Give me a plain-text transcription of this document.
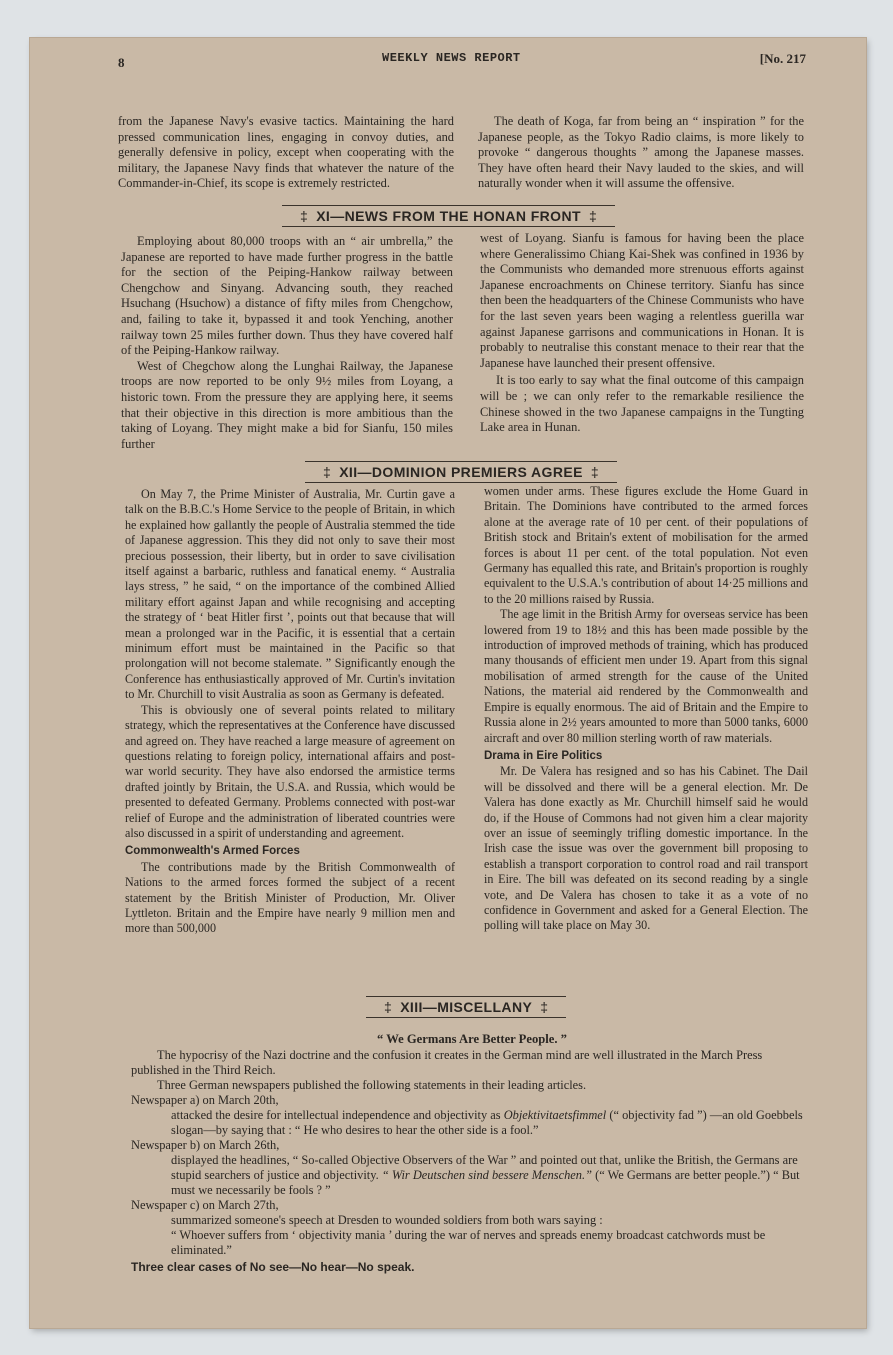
8	WEEKLY NEWS REPORT	[No. 217

from the Japanese Navy's evasive tactics. Maintaining the hard pressed communication lines, engaging in convoy duties, and generally defensive in policy, except when cooperating with the military, the Japanese Navy finds that whatever the nature of the Commander-in-Chief, its scope is extremely restricted.

The death of Koga, far from being an “ inspiration ” for the Japanese people, as the Tokyo Radio claims, is more likely to provoke “ dangerous thoughts ” among the Japanese masses. They have often heard their Navy lauded to the skies, and will naturally wonder when it will assume the offensive.

‡ XI—NEWS FROM THE HONAN FRONT ‡

Employing about 80,000 troops with an “ air umbrella,” the Japanese are reported to have made further progress in the battle for the section of the Peiping-Hankow railway between Chengchow and Sinyang. Advancing south, they reached Hsuchang (Hsuchow) a distance of fifty miles from Chengchow, and, failing to take it, bypassed it and took Yenching, another railway town 25 miles further down. Thus they have covered half of the Peiping-Hankow railway.

West of Chegchow along the Lunghai Railway, the Japanese troops are now reported to be only 9½ miles from Loyang, a historic town. From the pressure they are applying here, it seems that their objective in this direction is more ambitious than the taking of Loyang. They might make a bid for Sianfu, 150 miles further

west of Loyang. Sianfu is famous for having been the place where Generalissimo Chiang Kai-Shek was confined in 1936 by the Communists who demanded more strenuous efforts against Japanese encroachments on Chinese territory. Sianfu has since then been the headquarters of the Chinese Communists who have for the last seven years been waging a relentless guerilla war against Japanese garrisons and communications in Honan. It is probably to neutralise this constant menace to their rear that the Japanese have launched their present offensive.

It is too early to say what the final outcome of this campaign will be ; we can only refer to the remarkable resilience the Chinese showed in the two Japanese campaigns in the Tungting Lake area in Hunan.

‡ XII—DOMINION PREMIERS AGREE ‡

On May 7, the Prime Minister of Australia, Mr. Curtin gave a talk on the B.B.C.'s Home Service to the people of Britain, in which he explained how gallantly the people of Australia stemmed the tide of Japanese aggression. This they did not only to save their most precious possession, their liberty, but in order to save civilisation itself against a barbaric, ruthless and fanatical enemy. “ Australia lays stress, ” he said, “ on the importance of the combined Allied military effort against Japan and while recognising and accepting the strategy of ‘ beat Hitler first ’, points out that because that will mean a prolonged war in the Pacific, it is essential that a certain minimum effort must be maintained in the Pacific so that prolongation will not become stalemate. ” Significantly enough the Conference has enthusiastically approved of Mr. Curtin's invitation to Mr. Churchill to visit Australia as soon as Germany is defeated.

This is obviously one of several points related to military strategy, which the representatives at the Conference have discussed and agreed on. They have reached a large measure of agreement on questions relating to foreign policy, international affairs and post-war world security. They have also endorsed the armistice terms drafted jointly by Britain, the U.S.A. and Russia, which would be presented to defeated Germany. Problems connected with post-war relief of Europe and the administration of liberated countries were also discussed in a spirit of understanding and agreement.

Commonwealth's Armed Forces

The contributions made by the British Commonwealth of Nations to the armed forces formed the subject of a recent statement by the British Minister of Production, Mr. Oliver Lyttleton. Britain and the Empire have nearly 9 million men and more than 500,000

women under arms. These figures exclude the Home Guard in Britain. The Dominions have contributed to the armed forces alone at the average rate of 10 per cent. of their populations of British stock and Britain's extent of mobilisation for the armed forces is about 11 per cent. of the total population. Not even Germany has equalled this rate, and Britain's proportion is roughly equivalent to the U.S.A.'s contribution of about 14·25 millions and to the 20 millions raised by Russia.

The age limit in the British Army for overseas service has been lowered from 19 to 18½ and this has been made possible by the introduction of improved methods of training, which has produced many thousands of efficient men under 19. Apart from this signal mobilisation of armed strength for the cause of the United Nations, the material aid rendered by the Commonwealth and Empire is equally enormous. The aid of Britain and the Empire to Russia alone in 2½ years amounted to more than 5000 tanks, 6000 aircraft and over 80 million sterling worth of raw materials.

Drama in Eire Politics

Mr. De Valera has resigned and so has his Cabinet. The Dail will be dissolved and there will be a general election. Mr. De Valera has done exactly as Mr. Churchill himself said he would do, if the House of Commons had not given him a clear majority over an issue of seemingly trifling domestic importance. In the Irish case the issue was over the government bill proposing to establish a transport corporation to control road and rail transport in Eire. The bill was defeated on its second reading by a single vote, and De Valera has chosen to take it as a vote of no confidence in Government and asked for a General Election. The polling will take place on May 30.

‡ XIII—MISCELLANY ‡
“ We Germans Are Better People. ”

The hypocrisy of the Nazi doctrine and the confusion it creates in the German mind are well illustrated in the March Press published in the Third Reich.

Three German newspapers published the following statements in their leading articles.

Newspaper a) on March 20th,

attacked the desire for intellectual independence and objectivity as Objektivitaetsfimmel (“ objectivity fad ”) —an old Goebbels slogan—by saying that : “ He who desires to hear the other side is a fool.”

Newspaper b) on March 26th,

displayed the headlines, “ So-called Objective Observers of the War ” and pointed out that, unlike the British, the Germans are stupid searchers of justice and objectivity. “ Wir Deutschen sind bessere Menschen.” (“ We Germans are better people.”) “ But must we necessarily be fools ? ”

Newspaper c) on March 27th,

summarized someone's speech at Dresden to wounded soldiers from both wars saying :

“ Whoever suffers from ‘ objectivity mania ’ during the war of nerves and spreads enemy broadcast catchwords must be eliminated.”

Three clear cases of No see—No hear—No speak.
